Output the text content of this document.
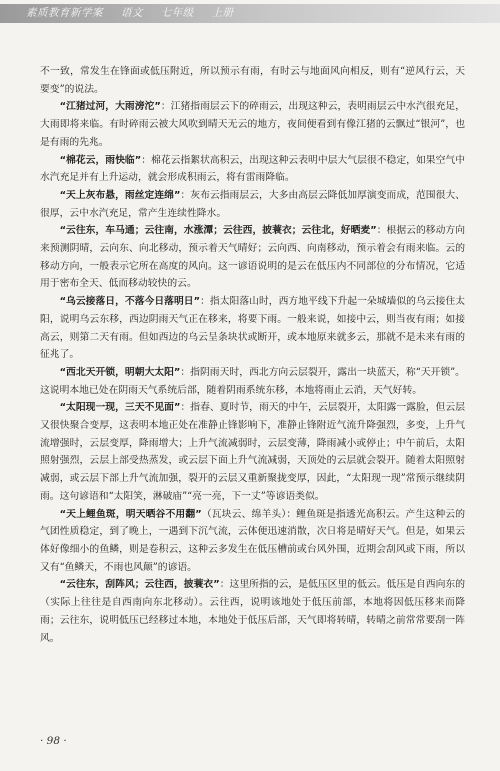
素质教育新学案 语文 七年级 上册

不一致，常发生在锋面或低压附近，所以预示有雨，有时云与地面风向相反，则有“逆风行云，天要变”的说法。

“江猪过河，大雨滂沱”：江猪指雨层云下的碎雨云，出现这种云，表明雨层云中水汽很充足，大雨即将来临。有时碎雨云被大风吹到晴天无云的地方，夜间便看到有像江猪的云飘过“银河”，也是有雨的先兆。

“棉花云，雨快临”：棉花云指絮状高积云，出现这种云表明中层大气层很不稳定，如果空气中水汽充足并有上升运动，就会形成积雨云，将有雷雨降临。

“天上灰布悬，雨丝定连绵”：灰布云指雨层云，大多由高层云降低加厚演变而成，范围很大、很厚，云中水汽充足，常产生连续性降水。

“云往东，车马通；云往南，水涨潭；云往西，披蓑衣；云往北，好晒麦”：根据云的移动方向来预测阴晴，云向东、向北移动，预示着天气晴好；云向西、向南移动，预示着会有雨来临。云的移动方向，一般表示它所在高度的风向。这一谚语说明的是云在低压内不同部位的分布情况，它适用于密布全天、低而移动较快的云。

“乌云接落日，不落今日落明日”：指太阳落山时，西方地平线下升起一朵城墙似的乌云接住太阳，说明乌云东移，西边阴雨天气正在移来，将要下雨。一般来说，如接中云，则当夜有雨；如接高云，则第二天有雨。但如西边的乌云呈条块状或断开，或本地原来就多云，那就不是未来有雨的征兆了。

“西北天开锁，明朝大太阳”：指阴雨天时，西北方向云层裂开，露出一块蓝天，称“天开锁”。这说明本地已处在阴雨天气系统后部，随着阴雨系统东移，本地将雨止云消，天气好转。

“太阳现一现，三天不见面”：指春、夏时节，雨天的中午，云层裂开，太阳露一露脸，但云层又很快聚合变厚，这表明本地正处在准静止锋影响下，准静止锋附近气流升降强烈，多变，上升气流增强时，云层变厚，降雨增大；上升气流减弱时，云层变薄，降雨减小或停止；中午前后，太阳照射强烈，云层上部受热蒸发，或云层下面上升气流减弱，天顶处的云层就会裂开。随着太阳照射减弱，或云层下部上升气流加强，裂开的云层又重新聚拢变厚，因此，“太阳现一现”常预示继续阴雨。这句谚语和“太阳笑，淋破庙”“亮一亮，下一丈”等谚语类似。

“天上鲤鱼斑，明天晒谷不用翻”（瓦块云、绵羊头）：鲤鱼斑是指透光高积云。产生这种云的气团性质稳定，到了晚上，一遇到下沉气流，云体便迅速消散，次日将是晴好天气。但是，如果云体好像细小的鱼鳞，则是卷积云，这种云多发生在低压槽前或台风外围，近期会刮风或下雨，所以又有“鱼鳞天，不雨也风颠”的谚语。

“云往东，刮阵风；云往西，披蓑衣”：这里所指的云，是低压区里的低云。低压是自西向东的（实际上往往是自西南向东北移动）。云往西，说明该地处于低压前部，本地将因低压移来而降雨；云往东，说明低压已经移过本地，本地处于低压后部，天气即将转晴，转晴之前常常要刮一阵风。

· 98 ·
